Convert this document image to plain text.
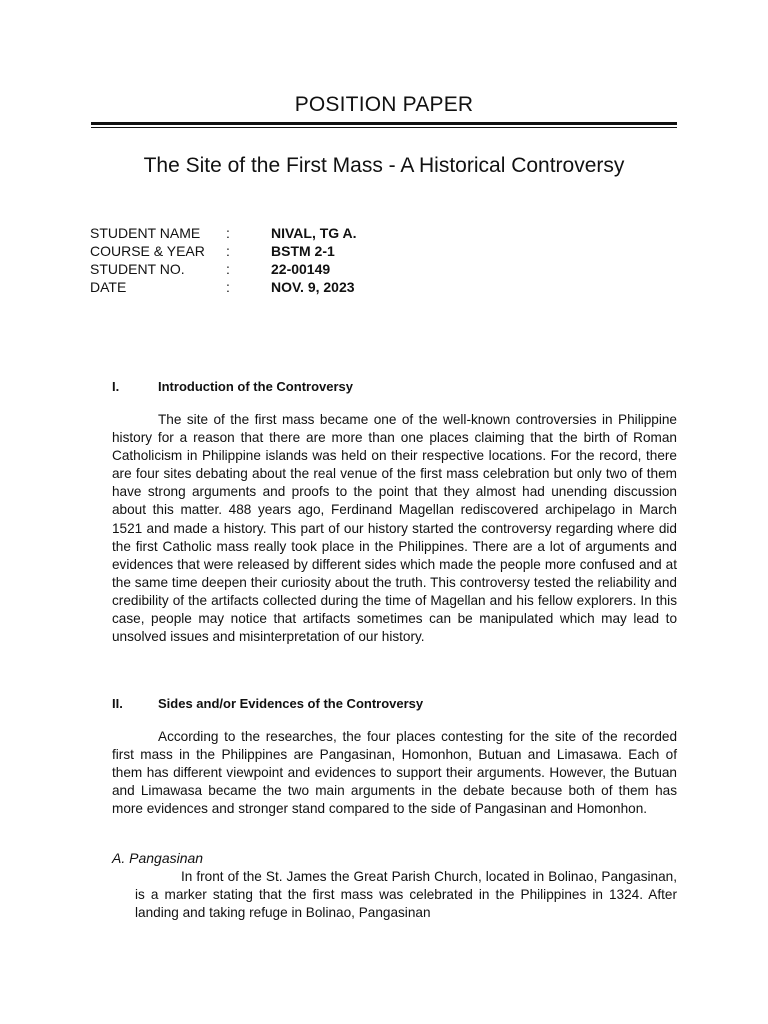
POSITION PAPER
The Site of the First Mass - A Historical Controversy
STUDENT NAME :	NIVAL, TG A.
COURSE & YEAR :	BSTM 2-1
STUDENT NO.	:	22-00149
DATE	:	NOV. 9, 2023
I.	Introduction of the Controversy

The site of the first mass became one of the well-known controversies in Philippine history for a reason that there are more than one places claiming that the birth of Roman Catholicism in Philippine islands was held on their respective locations. For the record, there are four sites debating about the real venue of the first mass celebration but only two of them have strong arguments and proofs to the point that they almost had unending discussion about this matter. 488 years ago, Ferdinand Magellan rediscovered archipelago in March 1521 and made a history. This part of our history started the controversy regarding where did the first Catholic mass really took place in the Philippines. There are a lot of arguments and evidences that were released by different sides which made the people more confused and at the same time deepen their curiosity about the truth. This controversy tested the reliability and credibility of the artifacts collected during the time of Magellan and his fellow explorers. In this case, people may notice that artifacts sometimes can be manipulated which may lead to unsolved issues and misinterpretation of our history.

II.	Sides and/or Evidences of the Controversy

According to the researches, the four places contesting for the site of the recorded first mass in the Philippines are Pangasinan, Homonhon, Butuan and Limasawa. Each of them has different viewpoint and evidences to support their arguments. However, the Butuan and Limawasa became the two main arguments in the debate because both of them has more evidences and stronger stand compared to the side of Pangasinan and Homonhon.

A. Pangasinan

In front of the St. James the Great Parish Church, located in Bolinao, Pangasinan, is a marker stating that the first mass was celebrated in the Philippines in 1324. After landing and taking refuge in Bolinao, Pangasinan
